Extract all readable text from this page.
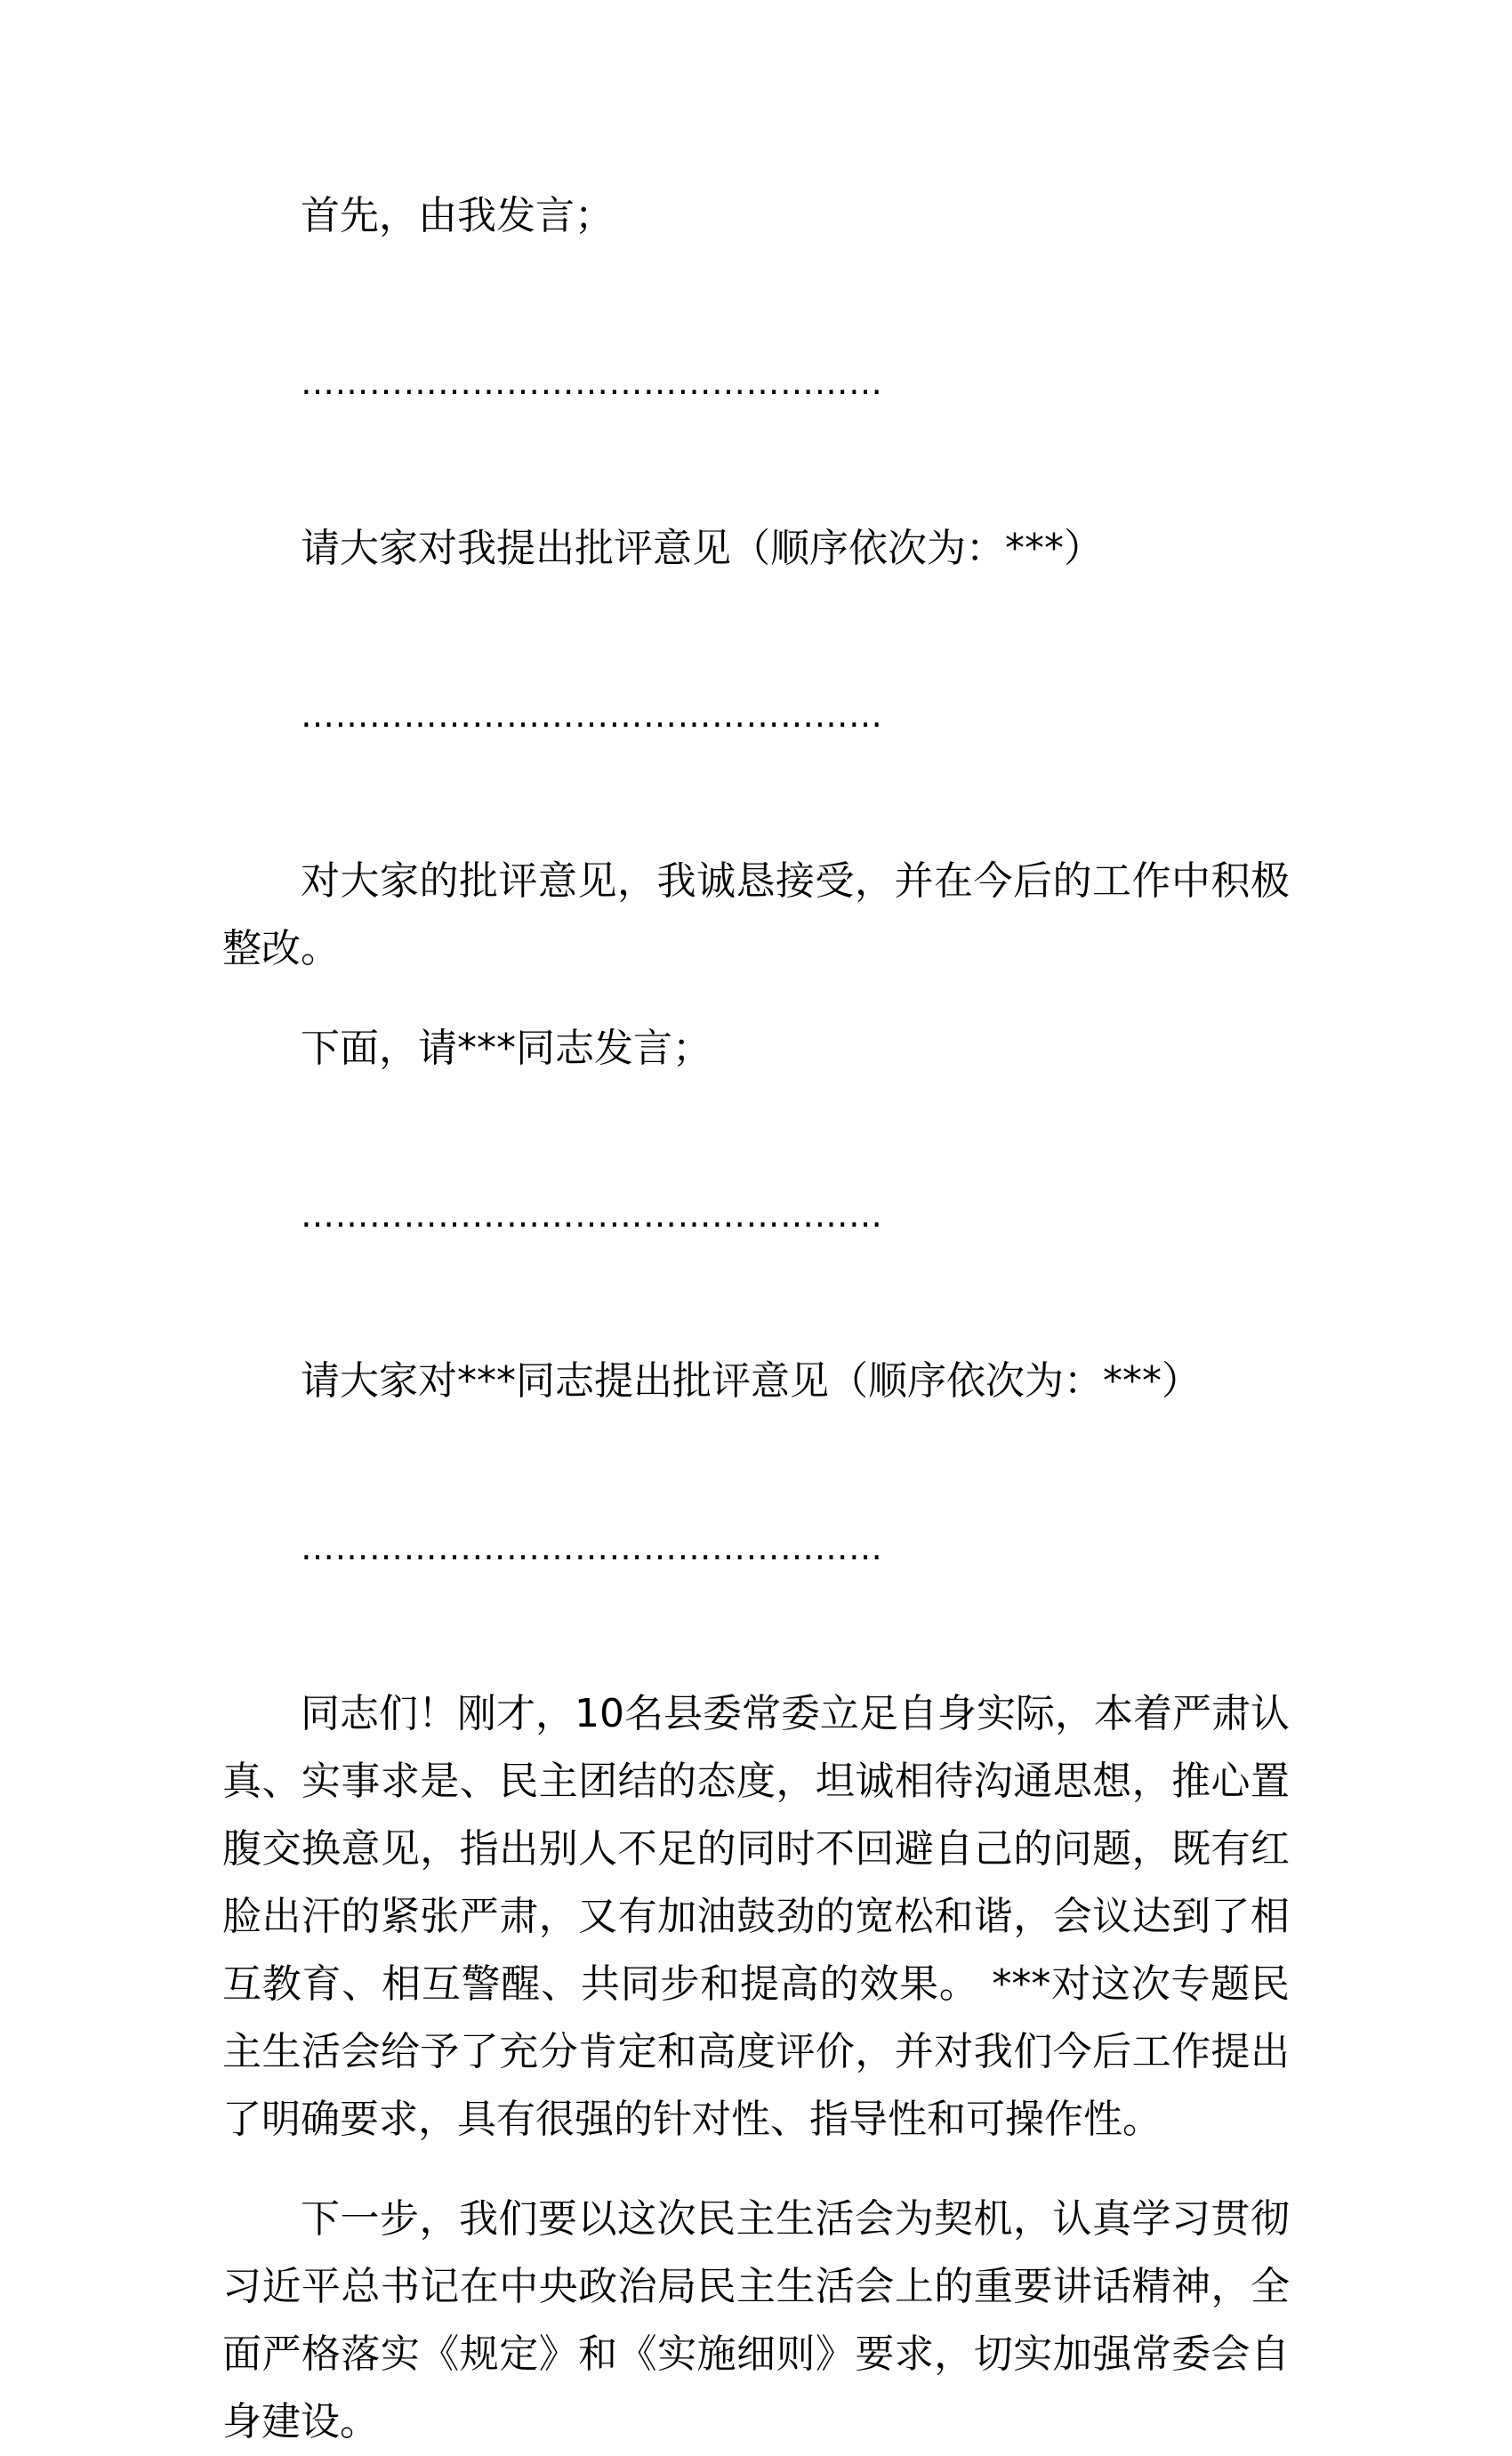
首先，由我发言；

……………………………………………

请大家对我提出批评意见（顺序依次为：***）

……………………………………………

对大家的批评意见，我诚恳接受，并在今后的工作中积极整改。

下面，请***同志发言；

……………………………………………

请大家对***同志提出批评意见（顺序依次为：***）

……………………………………………

同志们！刚才，10名县委常委立足自身实际，本着严肃认真、实事求是、民主团结的态度，坦诚相待沟通思想，推心置腹交换意见，指出别人不足的同时不回避自己的问题，既有红脸出汗的紧张严肃，又有加油鼓劲的宽松和谐，会议达到了相互教育、相互警醒、共同步和提高的效果。 ***对这次专题民主生活会给予了充分肯定和高度评价，并对我们今后工作提出了明确要求，具有很强的针对性、指导性和可操作性。

下一步，我们要以这次民主生活会为契机，认真学习贯彻习近平总书记在中央政治局民主生活会上的重要讲话精神，全面严格落实《规定》和《实施细则》要求，切实加强常委会自身建设。
